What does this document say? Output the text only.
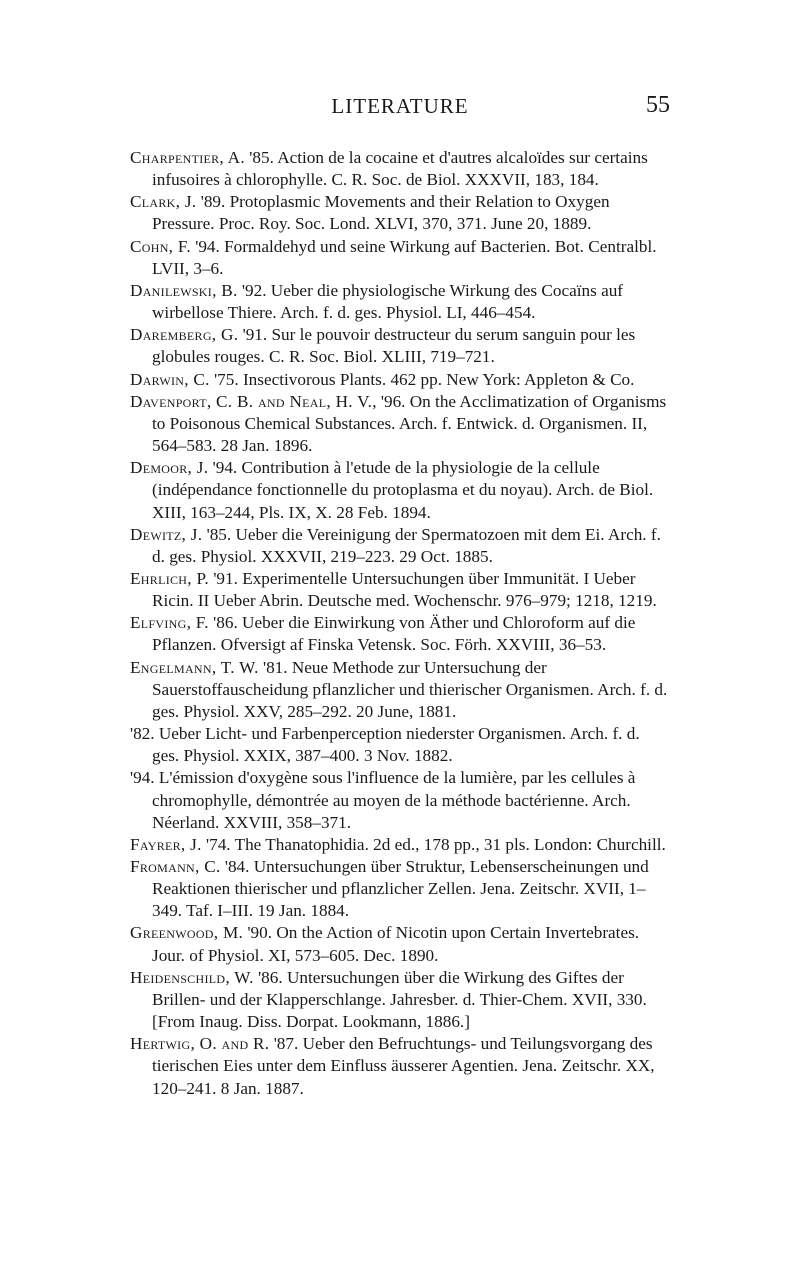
LITERATURE	55

Charpentier, A. '85. Action de la cocaine et d'autres alcaloïdes sur certains infusoires à chlorophylle. C. R. Soc. de Biol. XXXVII, 183, 184.

Clark, J. '89. Protoplasmic Movements and their Relation to Oxygen Pressure. Proc. Roy. Soc. Lond. XLVI, 370, 371. June 20, 1889.

Cohn, F. '94. Formaldehyd und seine Wirkung auf Bacterien. Bot. Centralbl. LVII, 3–6.

Danilewski, B. '92. Ueber die physiologische Wirkung des Cocaïns auf wirbellose Thiere. Arch. f. d. ges. Physiol. LI, 446–454.

Daremberg, G. '91. Sur le pouvoir destructeur du serum sanguin pour les globules rouges. C. R. Soc. Biol. XLIII, 719–721.

Darwin, C. '75. Insectivorous Plants. 462 pp. New York: Appleton & Co.

Davenport, C. B. and Neal, H. V., '96. On the Acclimatization of Organisms to Poisonous Chemical Substances. Arch. f. Entwick. d. Organismen. II, 564–583. 28 Jan. 1896.

Demoor, J. '94. Contribution à l'etude de la physiologie de la cellule (indépendance fonctionnelle du protoplasma et du noyau). Arch. de Biol. XIII, 163–244, Pls. IX, X. 28 Feb. 1894.

Dewitz, J. '85. Ueber die Vereinigung der Spermatozoen mit dem Ei. Arch. f. d. ges. Physiol. XXXVII, 219–223. 29 Oct. 1885.

Ehrlich, P. '91. Experimentelle Untersuchungen über Immunität. I Ueber Ricin. II Ueber Abrin. Deutsche med. Wochenschr. 976–979; 1218, 1219.

Elfving, F. '86. Ueber die Einwirkung von Äther und Chloroform auf die Pflanzen. Ofversigt af Finska Vetensk. Soc. Förh. XXVIII, 36–53.

Engelmann, T. W. '81. Neue Methode zur Untersuchung der Sauerstoffauscheidung pflanzlicher und thierischer Organismen. Arch. f. d. ges. Physiol. XXV, 285–292. 20 June, 1881.

'82. Ueber Licht- und Farbenperception niederster Organismen. Arch. f. d. ges. Physiol. XXIX, 387–400. 3 Nov. 1882.

'94. L'émission d'oxygène sous l'influence de la lumière, par les cellules à chromophylle, démontrée au moyen de la méthode bactérienne. Arch. Néerland. XXVIII, 358–371.

Fayrer, J. '74. The Thanatophidia. 2d ed., 178 pp., 31 pls. London: Churchill.

Fromann, C. '84. Untersuchungen über Struktur, Lebenserscheinungen und Reaktionen thierischer und pflanzlicher Zellen. Jena. Zeitschr. XVII, 1–349. Taf. I–III. 19 Jan. 1884.

Greenwood, M. '90. On the Action of Nicotin upon Certain Invertebrates. Jour. of Physiol. XI, 573–605. Dec. 1890.

Heidenschild, W. '86. Untersuchungen über die Wirkung des Giftes der Brillen- und der Klapperschlange. Jahresber. d. Thier-Chem. XVII, 330. [From Inaug. Diss. Dorpat. Lookmann, 1886.]

Hertwig, O. and R. '87. Ueber den Befruchtungs- und Teilungsvorgang des tierischen Eies unter dem Einfluss äusserer Agentien. Jena. Zeitschr. XX, 120–241. 8 Jan. 1887.
